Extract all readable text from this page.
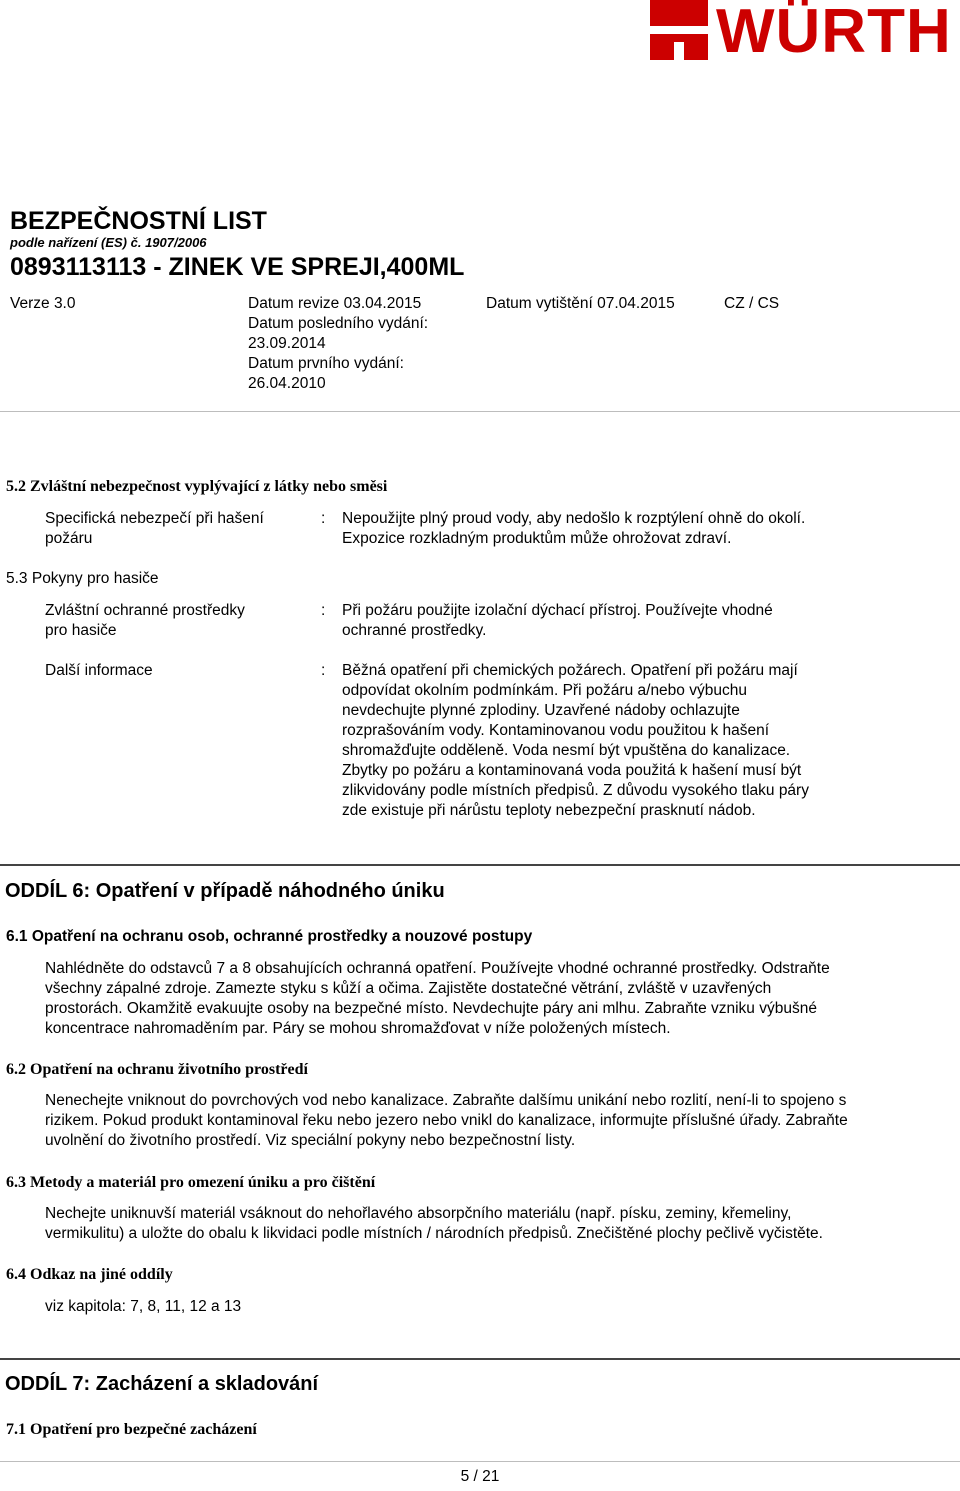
WÜRTH
BEZPEČNOSTNÍ LIST
podle nařízení (ES) č. 1907/2006
0893113113 - ZINEK VE SPREJI,400ML
Verze 3.0	Datum revize 03.04.2015
Datum posledního vydání:
23.09.2014
Datum prvního vydání:
26.04.2010
Datum vytištění 07.04.2015	CZ / CS
5.2 Zvláštní nebezpečnost vyplývající z látky nebo směsi
Specifická nebezpečí při hašení
požáru
: Nepoužijte plný proud vody, aby nedošlo k rozptýlení ohně do okolí.
Expozice rozkladným produktům může ohrožovat zdraví.
5.3 Pokyny pro hasiče
Zvláštní ochranné prostředky
pro hasiče
: Při požáru použijte izolační dýchací přístroj. Používejte vhodné
ochranné prostředky.
Další informace	: Běžná opatření při chemických požárech. Opatření při požáru mají
odpovídat okolním podmínkám. Při požáru a/nebo výbuchu
nevdechujte plynné zplodiny. Uzavřené nádoby ochlazujte
rozprašováním vody. Kontaminovanou vodu použitou k hašení
shromažďujte odděleně. Voda nesmí být vpuštěna do kanalizace.
Zbytky po požáru a kontaminovaná voda použitá k hašení musí být
zlikvidovány podle místních předpisů. Z důvodu vysokého tlaku páry
zde existuje při nárůstu teploty nebezpeční prasknutí nádob.
ODDÍL 6: Opatření v případě náhodného úniku
6.1 Opatření na ochranu osob, ochranné prostředky a nouzové postupy
Nahlédněte do odstavců 7 a 8 obsahujících ochranná opatření. Používejte vhodné ochranné prostředky. Odstraňte
všechny zápalné zdroje. Zamezte styku s kůží a očima. Zajistěte dostatečné větrání, zvláště v uzavřených
prostorách. Okamžitě evakuujte osoby na bezpečné místo. Nevdechujte páry ani mlhu. Zabraňte vzniku výbušné
koncentrace nahromaděním par. Páry se mohou shromažďovat v níže položených místech.
6.2 Opatření na ochranu životního prostředí
Nenechejte vniknout do povrchových vod nebo kanalizace. Zabraňte dalšímu unikání nebo rozlití, není-li to spojeno s
rizikem. Pokud produkt kontaminoval řeku nebo jezero nebo vnikl do kanalizace, informujte příslušné úřady. Zabraňte
uvolnění do životního prostředí. Viz speciální pokyny nebo bezpečnostní listy.
6.3 Metody a materiál pro omezení úniku a pro čištění
Nechejte uniknuvší materiál vsáknout do nehořlavého absorpčního materiálu (např. písku, zeminy, křemeliny,
vermikulitu) a uložte do obalu k likvidaci podle místních / národních předpisů. Znečištěné plochy pečlivě vyčistěte.
6.4 Odkaz na jiné oddíly
viz kapitola: 7, 8, 11, 12 a 13
ODDÍL 7: Zacházení a skladování
7.1 Opatření pro bezpečné zacházení
5 / 21
